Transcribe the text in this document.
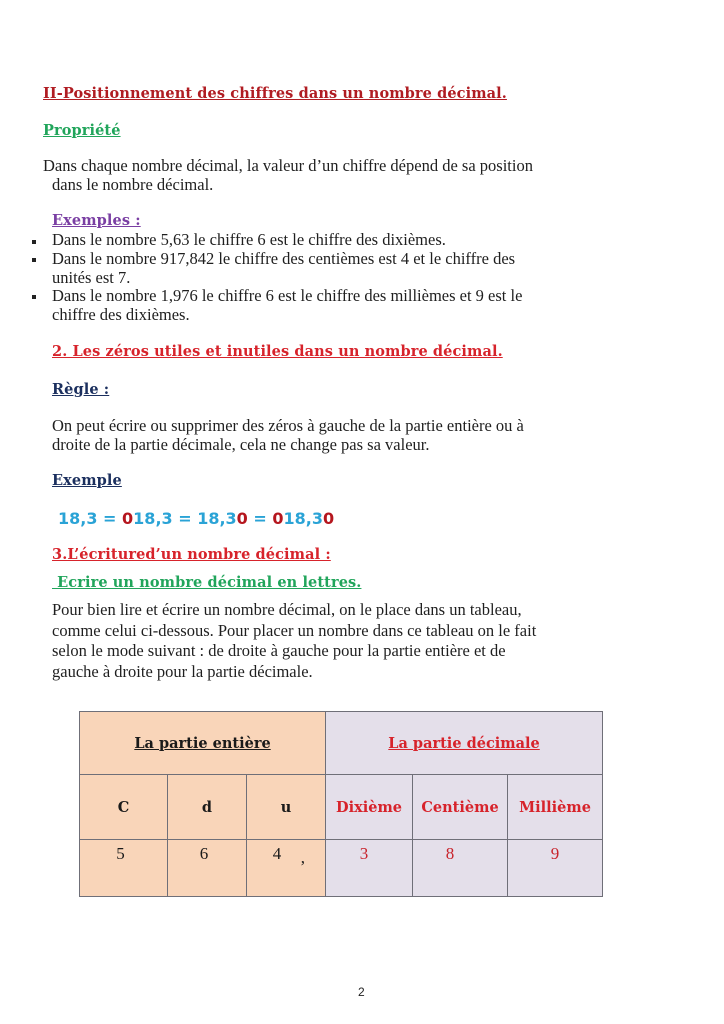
II-Positionnement des chiffres dans un nombre décimal.
Propriété
Dans chaque nombre décimal, la valeur d’un chiffre dépend de sa position
dans le nombre décimal.
Exemples :
Dans le nombre 5,63 le chiffre 6 est le chiffre des dixièmes.
Dans le nombre 917,842 le chiffre des centièmes est 4 et le chiffre des
unités est 7.
Dans le nombre 1,976 le chiffre 6 est le chiffre des millièmes et 9 est le
chiffre des dixièmes.
2. Les zéros utiles et inutiles dans un nombre décimal.
Règle :
On peut écrire ou supprimer des zéros à gauche de la partie entière ou à
droite de la partie décimale, cela ne change pas sa valeur.
Exemple
18,3 = 018,3 = 18,30 = 018,30
3.L’écritured’un nombre décimal :
Ecrire un nombre décimal en lettres.
Pour bien lire et écrire un nombre décimal, on le place dans un tableau,
comme celui ci-dessous. Pour placer un nombre dans ce tableau on le fait
selon le mode suivant : de droite à gauche pour la partie entière et de
gauche à droite pour la partie décimale.
La partie entière			La partie décimale		
C	d	u	Dixième	Centième	Millième
5	6	4 ,	3	8	9
2
